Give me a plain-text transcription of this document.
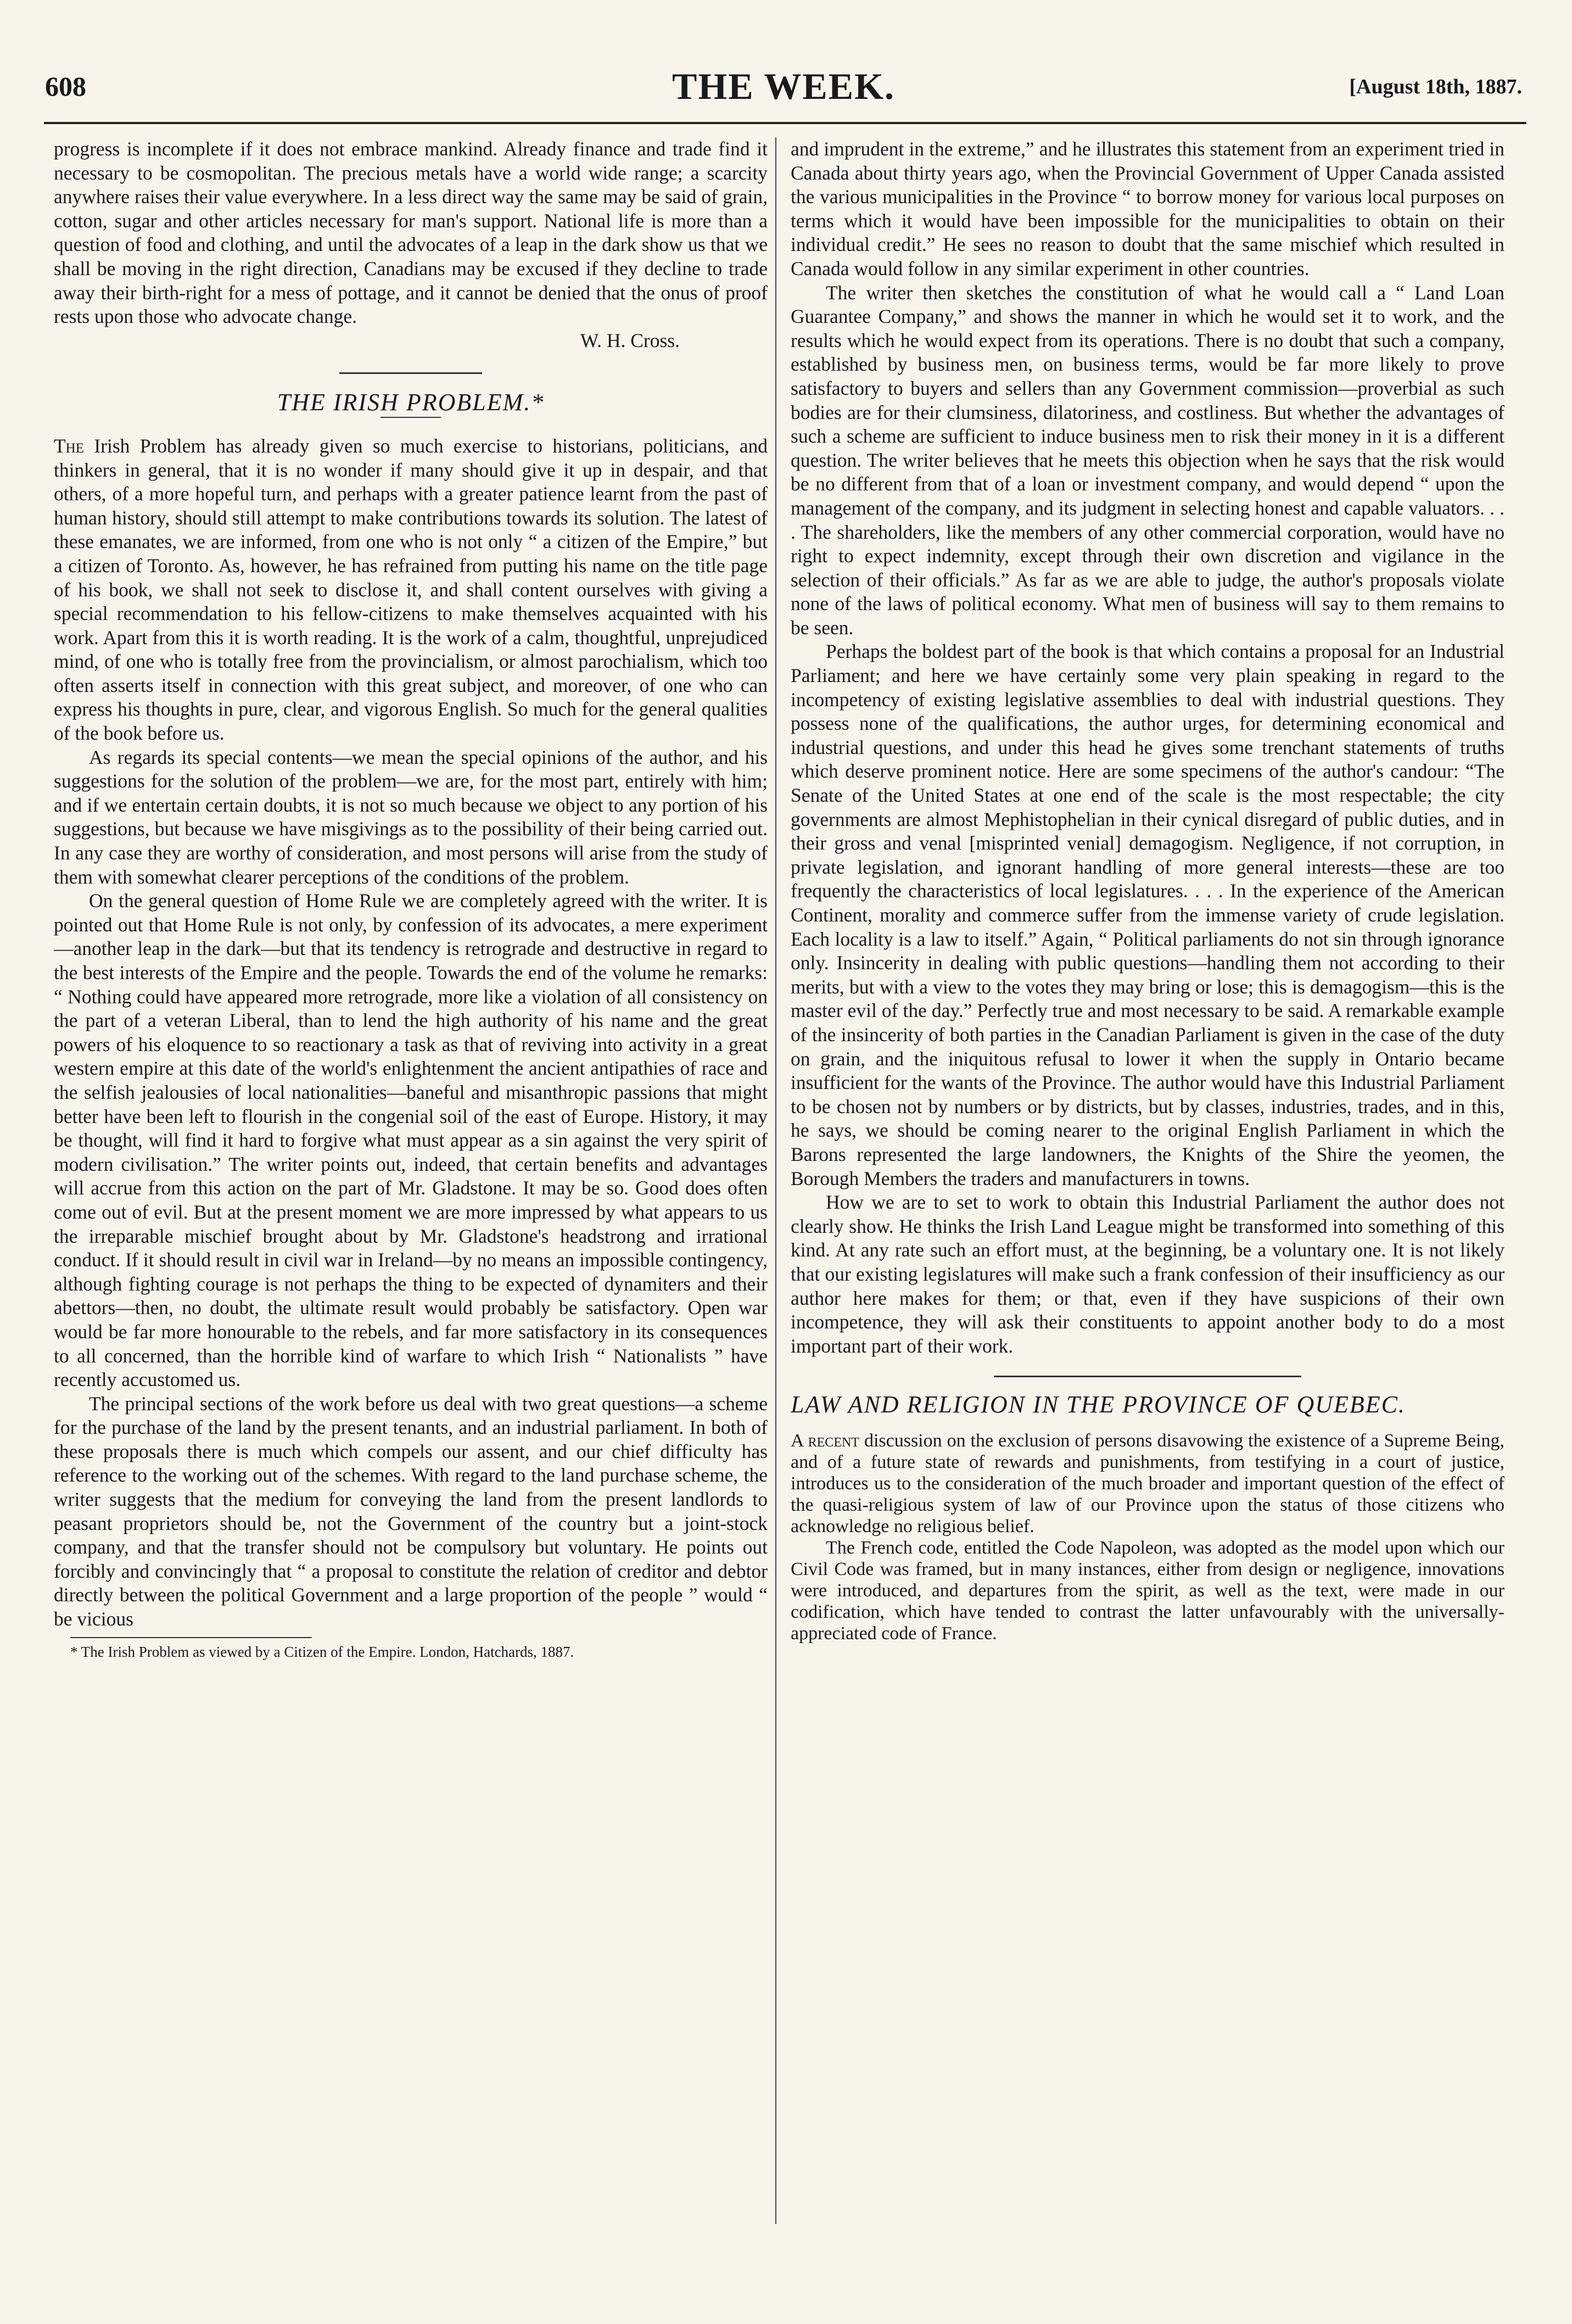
608	THE WEEK.	[August 18th, 1887.

progress is incomplete if it does not embrace mankind. Already finance and trade find it necessary to be cosmopolitan. The precious metals have a world wide range; a scarcity anywhere raises their value everywhere. In a less direct way the same may be said of grain, cotton, sugar and other articles necessary for man's support. National life is more than a question of food and clothing, and until the advocates of a leap in the dark show us that we shall be moving in the right direction, Canadians may be excused if they decline to trade away their birth-right for a mess of pottage, and it cannot be denied that the onus of proof rests upon those who advocate change.

W. H. Cross.

THE IRISH PROBLEM.*

The Irish Problem has already given so much exercise to historians, politicians, and thinkers in general, that it is no wonder if many should give it up in despair, and that others, of a more hopeful turn, and perhaps with a greater patience learnt from the past of human history, should still attempt to make contributions towards its solution. The latest of these emanates, we are informed, from one who is not only “ a citizen of the Empire,” but a citizen of Toronto. As, however, he has refrained from putting his name on the title page of his book, we shall not seek to disclose it, and shall content ourselves with giving a special recommendation to his fellow-citizens to make themselves acquainted with his work. Apart from this it is worth reading. It is the work of a calm, thoughtful, unprejudiced mind, of one who is totally free from the provincialism, or almost parochialism, which too often asserts itself in connection with this great subject, and moreover, of one who can express his thoughts in pure, clear, and vigorous English. So much for the general qualities of the book before us.

As regards its special contents—we mean the special opinions of the author, and his suggestions for the solution of the problem—we are, for the most part, entirely with him; and if we entertain certain doubts, it is not so much because we object to any portion of his suggestions, but because we have misgivings as to the possibility of their being carried out. In any case they are worthy of consideration, and most persons will arise from the study of them with somewhat clearer perceptions of the conditions of the problem.

On the general question of Home Rule we are completely agreed with the writer. It is pointed out that Home Rule is not only, by confession of its advocates, a mere experiment—another leap in the dark—but that its tendency is retrograde and destructive in regard to the best interests of the Empire and the people. Towards the end of the volume he remarks: “ Nothing could have appeared more retrograde, more like a violation of all consistency on the part of a veteran Liberal, than to lend the high authority of his name and the great powers of his eloquence to so reactionary a task as that of reviving into activity in a great western empire at this date of the world's enlightenment the ancient antipathies of race and the selfish jealousies of local nationalities—baneful and misanthropic passions that might better have been left to flourish in the congenial soil of the east of Europe. History, it may be thought, will find it hard to forgive what must appear as a sin against the very spirit of modern civilisation.” The writer points out, indeed, that certain benefits and advantages will accrue from this action on the part of Mr. Gladstone. It may be so. Good does often come out of evil. But at the present moment we are more impressed by what appears to us the irreparable mischief brought about by Mr. Gladstone's headstrong and irrational conduct. If it should result in civil war in Ireland—by no means an impossible contingency, although fighting courage is not perhaps the thing to be expected of dynamiters and their abettors—then, no doubt, the ultimate result would probably be satisfactory. Open war would be far more honourable to the rebels, and far more satisfactory in its consequences to all concerned, than the horrible kind of warfare to which Irish “ Nationalists ” have recently accustomed us.

The principal sections of the work before us deal with two great questions—a scheme for the purchase of the land by the present tenants, and an industrial parliament. In both of these proposals there is much which compels our assent, and our chief difficulty has reference to the working out of the schemes. With regard to the land purchase scheme, the writer suggests that the medium for conveying the land from the present landlords to peasant proprietors should be, not the Government of the country but a joint-stock company, and that the transfer should not be compulsory but voluntary. He points out forcibly and convincingly that “ a proposal to constitute the relation of creditor and debtor directly between the political Government and a large proportion of the people ” would “ be vicious

* The Irish Problem as viewed by a Citizen of the Empire. London, Hatchards, 1887.

and imprudent in the extreme,” and he illustrates this statement from an experiment tried in Canada about thirty years ago, when the Provincial Government of Upper Canada assisted the various municipalities in the Province “ to borrow money for various local purposes on terms which it would have been impossible for the municipalities to obtain on their individual credit.” He sees no reason to doubt that the same mischief which resulted in Canada would follow in any similar experiment in other countries.

The writer then sketches the constitution of what he would call a “ Land Loan Guarantee Company,” and shows the manner in which he would set it to work, and the results which he would expect from its operations. There is no doubt that such a company, established by business men, on business terms, would be far more likely to prove satisfactory to buyers and sellers than any Government commission—proverbial as such bodies are for their clumsiness, dilatoriness, and costliness. But whether the advantages of such a scheme are sufficient to induce business men to risk their money in it is a different question. The writer believes that he meets this objection when he says that the risk would be no different from that of a loan or investment company, and would depend “ upon the management of the company, and its judgment in selecting honest and capable valuators. . . . The shareholders, like the members of any other commercial corporation, would have no right to expect indemnity, except through their own discretion and vigilance in the selection of their officials.” As far as we are able to judge, the author's proposals violate none of the laws of political economy. What men of business will say to them remains to be seen.

Perhaps the boldest part of the book is that which contains a proposal for an Industrial Parliament; and here we have certainly some very plain speaking in regard to the incompetency of existing legislative assemblies to deal with industrial questions. They possess none of the qualifications, the author urges, for determining economical and industrial questions, and under this head he gives some trenchant statements of truths which deserve prominent notice. Here are some specimens of the author's candour: “The Senate of the United States at one end of the scale is the most respectable; the city governments are almost Mephistophelian in their cynical disregard of public duties, and in their gross and venal [misprinted venial] demagogism. Negligence, if not corruption, in private legislation, and ignorant handling of more general interests—these are too frequently the characteristics of local legislatures. . . . In the experience of the American Continent, morality and commerce suffer from the immense variety of crude legislation. Each locality is a law to itself.” Again, “ Political parliaments do not sin through ignorance only. Insincerity in dealing with public questions—handling them not according to their merits, but with a view to the votes they may bring or lose; this is demagogism—this is the master evil of the day.” Perfectly true and most necessary to be said. A remarkable example of the insincerity of both parties in the Canadian Parliament is given in the case of the duty on grain, and the iniquitous refusal to lower it when the supply in Ontario became insufficient for the wants of the Province. The author would have this Industrial Parliament to be chosen not by numbers or by districts, but by classes, industries, trades, and in this, he says, we should be coming nearer to the original English Parliament in which the Barons represented the large landowners, the Knights of the Shire the yeomen, the Borough Members the traders and manufacturers in towns.

How we are to set to work to obtain this Industrial Parliament the author does not clearly show. He thinks the Irish Land League might be transformed into something of this kind. At any rate such an effort must, at the beginning, be a voluntary one. It is not likely that our existing legislatures will make such a frank confession of their insufficiency as our author here makes for them; or that, even if they have suspicions of their own incompetence, they will ask their constituents to appoint another body to do a most important part of their work.

LAW AND RELIGION IN THE PROVINCE OF QUEBEC.

A recent discussion on the exclusion of persons disavowing the existence of a Supreme Being, and of a future state of rewards and punishments, from testifying in a court of justice, introduces us to the consideration of the much broader and important question of the effect of the quasi-religious system of law of our Province upon the status of those citizens who acknowledge no religious belief.

The French code, entitled the Code Napoleon, was adopted as the model upon which our Civil Code was framed, but in many instances, either from design or negligence, innovations were introduced, and departures from the spirit, as well as the text, were made in our codification, which have tended to contrast the latter unfavourably with the universally-appreciated code of France.
